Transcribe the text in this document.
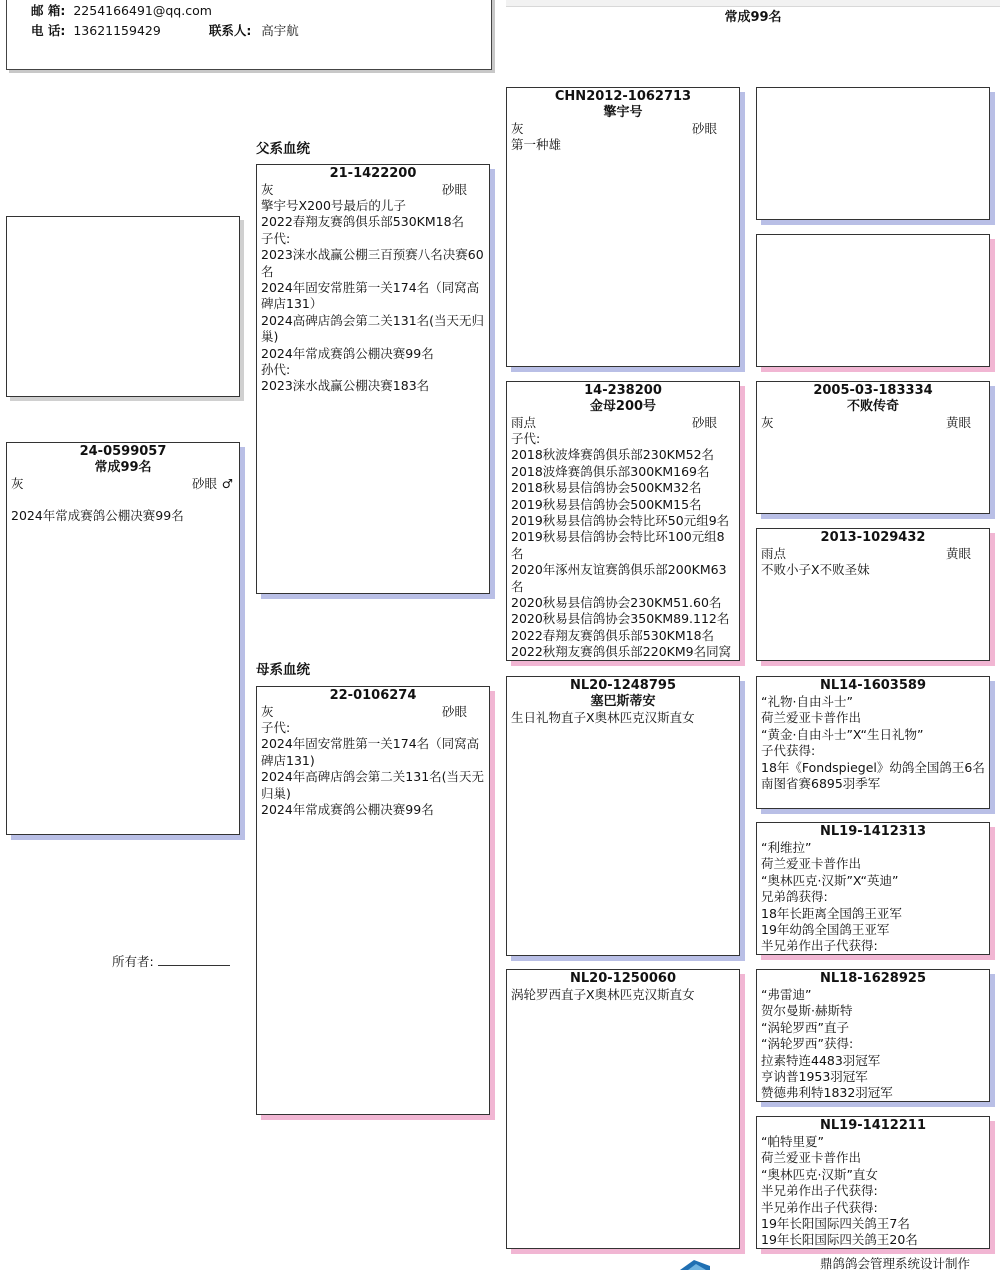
邮 箱: 2254166491@qq.com
电 话: 13621159429	联系人: 高宇航
常成99名
24-0599057
常成99名
灰	砂眼 ♂

2024年常成赛鸽公棚决赛99名
所有者:
父系血统
母系血统
21-1422200
灰	砂眼
擎宇号X200号最后的儿子
2022春翔友赛鸽俱乐部530KM18名
子代:
2023涞水战赢公棚三百预赛八名决赛60名
2024年固安常胜第一关174名（同窝高碑店131）
2024高碑店鸽会第二关131名(当天无归巢)
2024年常成赛鸽公棚决赛99名
孙代:
2023涞水战赢公棚决赛183名
22-0106274
灰	砂眼
子代:
2024年固安常胜第一关174名（同窝高碑店131)
2024年高碑店鸽会第二关131名(当天无归巢)
2024年常成赛鸽公棚决赛99名
CHN2012-1062713
擎宇号
灰	砂眼
第一种雄
14-238200
金母200号
雨点	砂眼
子代:
2018秋波烽赛鸽俱乐部230KM52名
2018波烽赛鸽俱乐部300KM169名
2018秋易县信鸽协会500KM32名
2019秋易县信鸽协会500KM15名
2019秋易县信鸽协会特比环50元组9名
2019秋易县信鸽协会特比环100元组8名
2020年涿州友谊赛鸽俱乐部200KM63名
2020秋易县信鸽协会230KM51.60名
2020秋易县信鸽协会350KM89.112名
2022春翔友赛鸽俱乐部530KM18名
2022秋翔友赛鸽俱乐部220KM9名同窝
NL20-1248795
塞巴斯蒂安
生日礼物直子X奥林匹克汉斯直女
NL20-1250060
涡轮罗西直子X奥林匹克汉斯直女
2005-03-183334
不败传奇
灰	黄眼
2013-1029432
雨点	黄眼
不败小子X不败圣妹
NL14-1603589
“礼物·自由斗士”
荷兰爱亚卡普作出
“黄金·自由斗士”X“生日礼物”
子代获得:
18年《Fondspiegel》幼鸽全国鸽王6名
南图省赛6895羽季军
NL19-1412313
“利维拉”
荷兰爱亚卡普作出
“奥林匹克·汉斯”X“英迪”
兄弟鸽获得:
18年长距离全国鸽王亚军
19年幼鸽全国鸽王亚军
半兄弟作出子代获得:
NL18-1628925
“弗雷迪”
贺尔曼斯·赫斯特
“涡轮罗西”直子
“涡轮罗西”获得:
拉素特连4483羽冠军
亨讷普1953羽冠军
赞德弗利特1832羽冠军
NL19-1412211
“帕特里夏”
荷兰爱亚卡普作出
“奥林匹克·汉斯”直女
半兄弟作出子代获得:
半兄弟作出子代获得:
19年长阳国际四关鸽王7名
19年长阳国际四关鸽王20名
鼎鸽鸽会管理系统设计制作
